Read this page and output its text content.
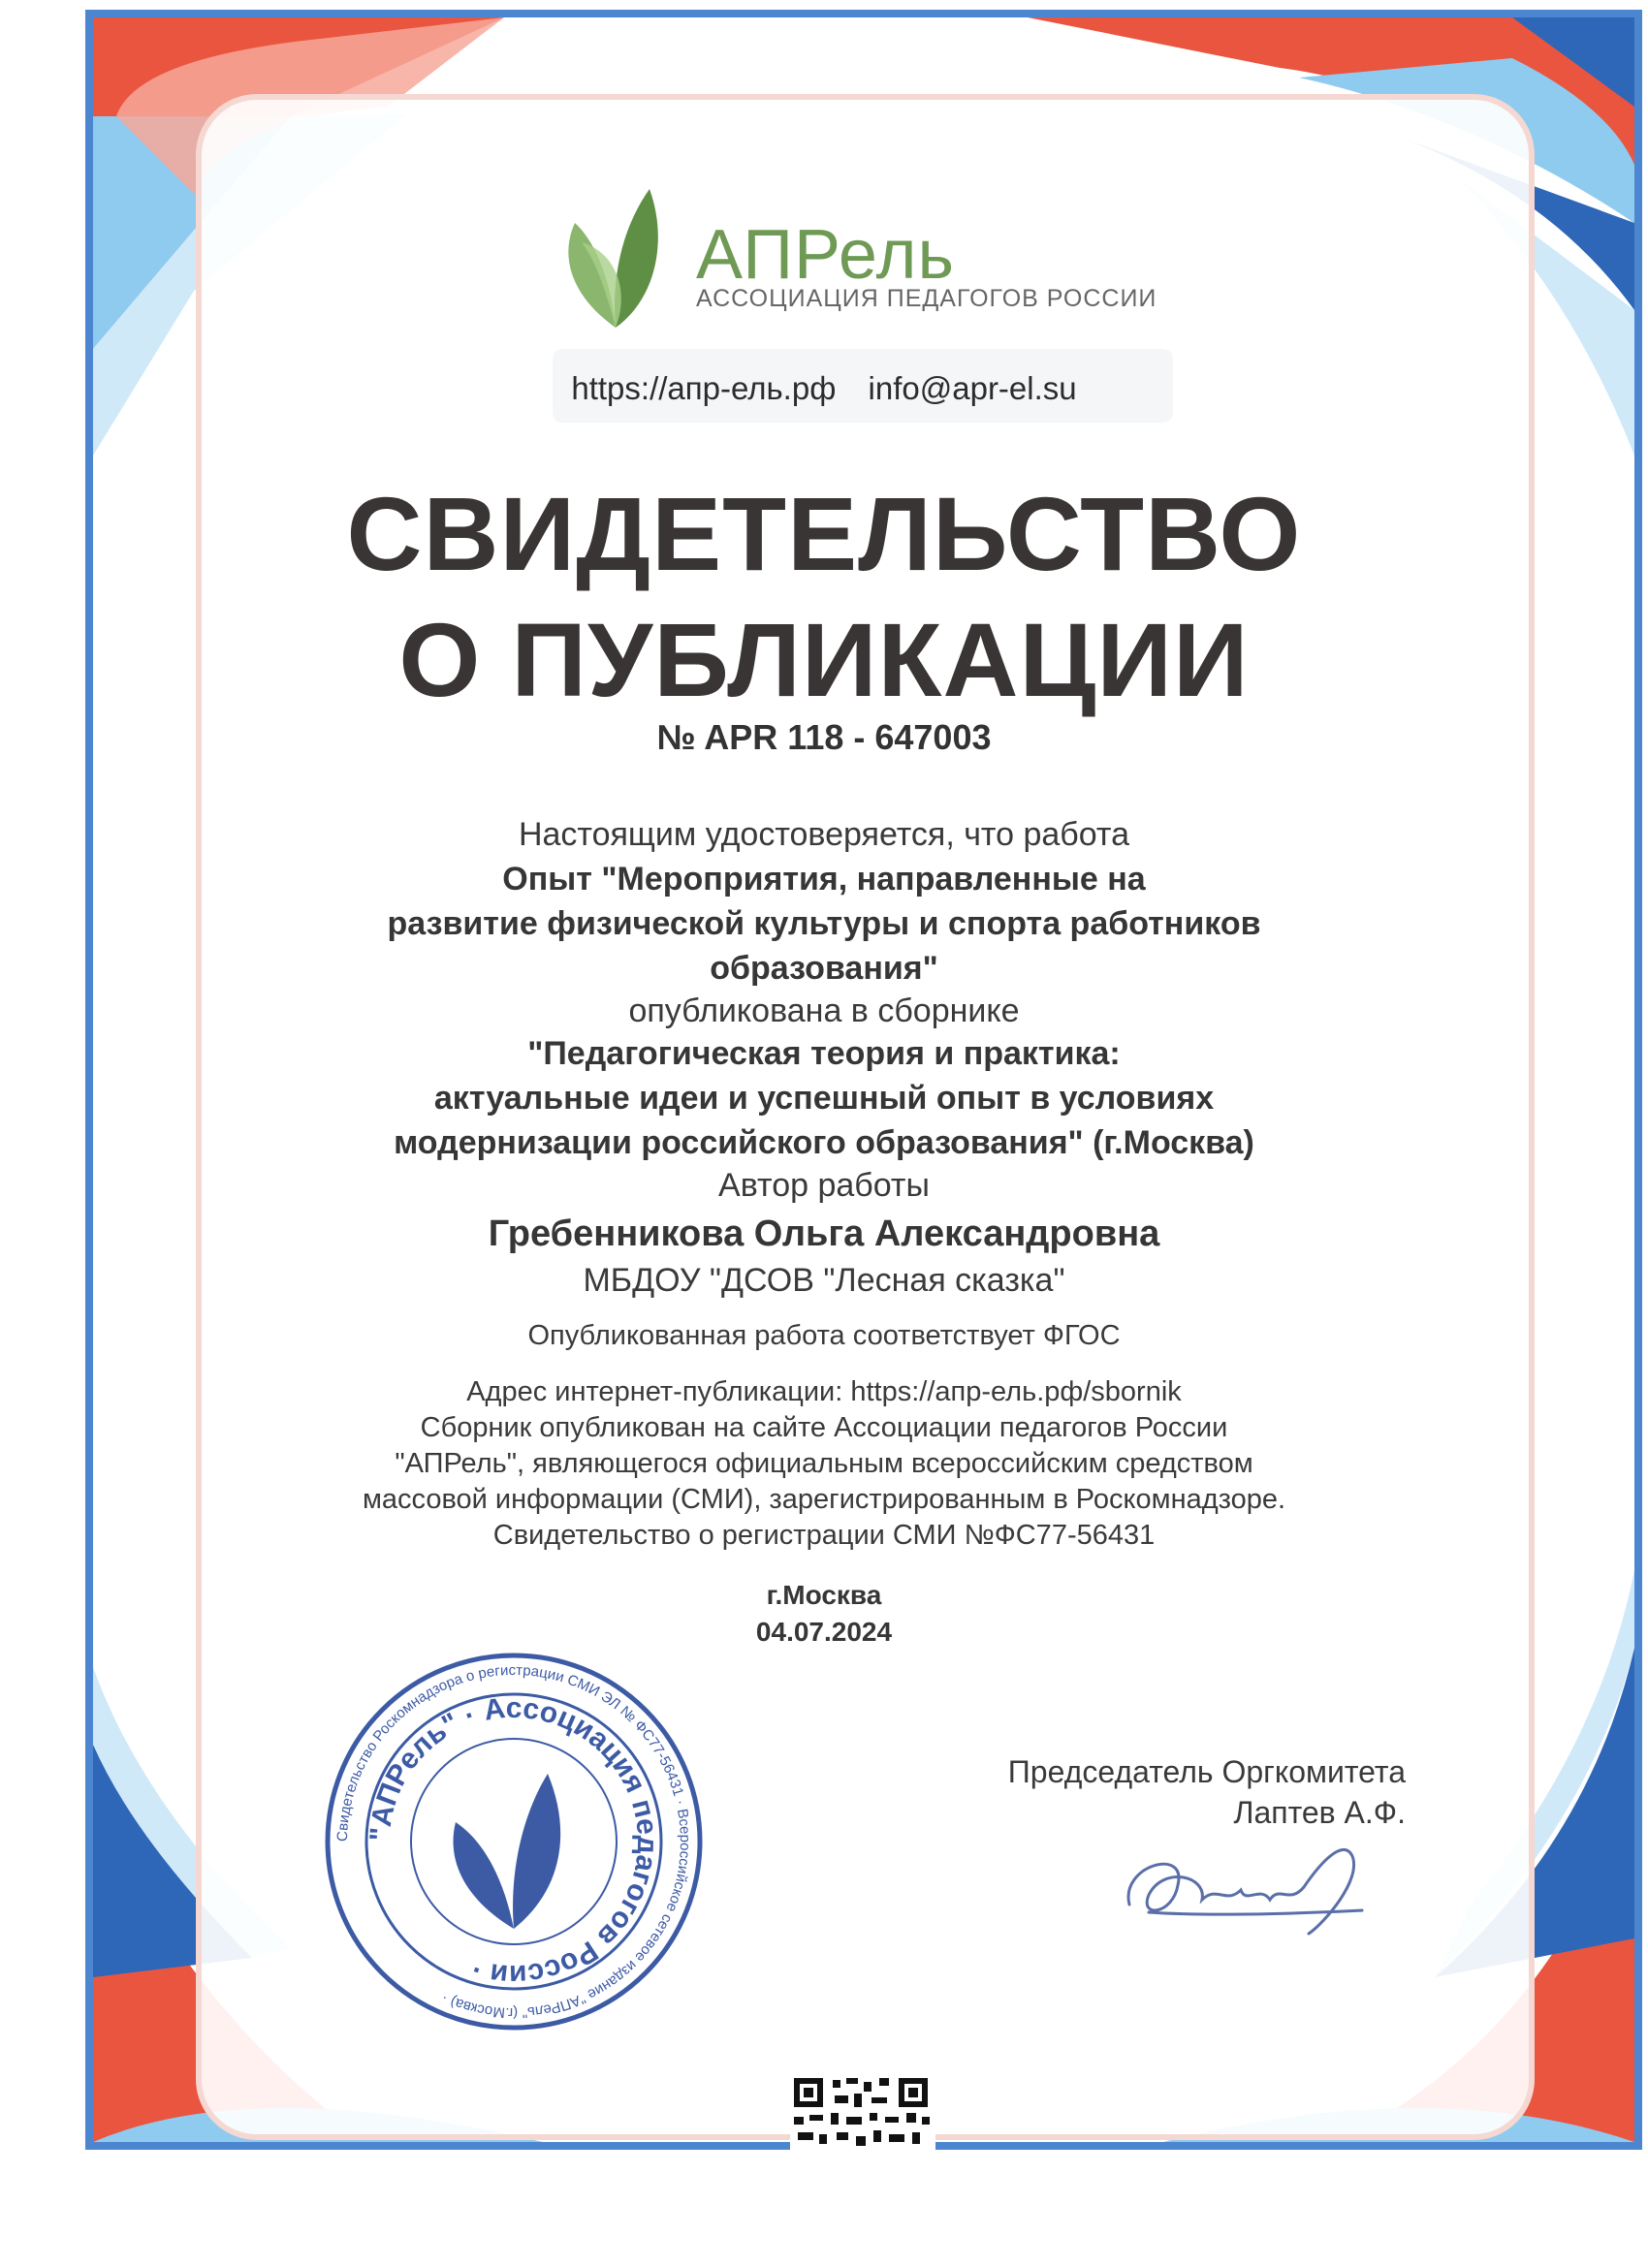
АПРель
АССОЦИАЦИЯ ПЕДАГОГОВ РОССИИ
https://апр-ель.рф info@apr-el.su
СВИДЕТЕЛЬСТВО
О ПУБЛИКАЦИИ
№ APR 118 - 647003
Настоящим удостоверяется, что работа
Опыт "Мероприятия, направленные на
развитие физической культуры и спорта работников
образования"
опубликована в сборнике
"Педагогическая теория и практика:
актуальные идеи и успешный опыт в условиях
модернизации российского образования" (г.Москва)
Автор работы
Гребенникова Ольга Александровна
МБДОУ "ДСОВ "Лесная сказка"
Опубликованная работа соответствует ФГОС
Адрес интернет-публикации: https://апр-ель.рф/sbornik
Сборник опубликован на сайте Ассоциации педагогов России
"АПРель", являющегося официальным всероссийским средством
массовой информации (СМИ), зарегистрированным в Роскомнадзоре.
Свидетельство о регистрации СМИ №ФС77-56431
г.Москва
04.07.2024
Свидетельство Роскомнадзора о регистрации СМИ ЭЛ № ФС77-56431 · Всероссийское сетевое издание "АПРель" (г.Москва) ·
"АПРель" · Ассоциация педагогов России ·
Председатель Оргкомитета
Лаптев А.Ф.
